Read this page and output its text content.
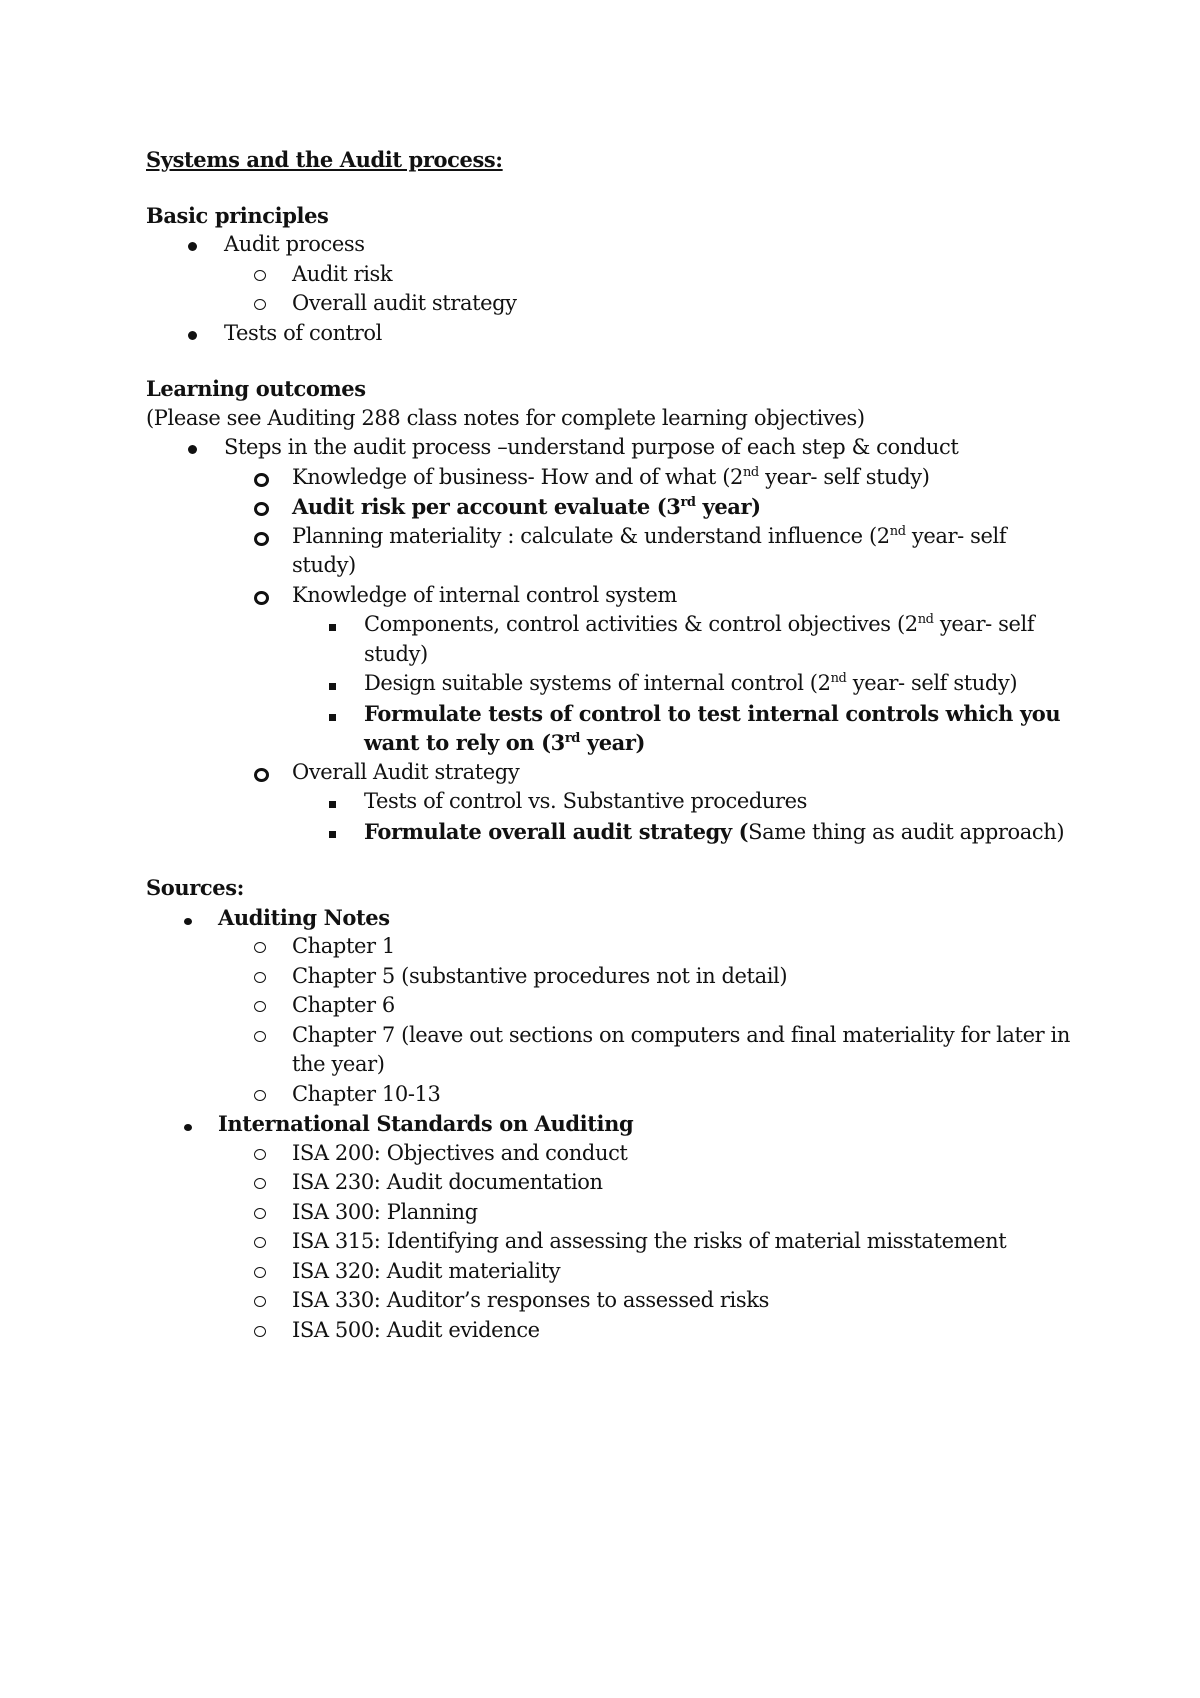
Systems and the Audit process:

Basic principles

Audit process
Audit risk
Overall audit strategy
Tests of control

Learning outcomes

(Please see Auditing 288 class notes for complete learning objectives)

Steps in the audit process –understand purpose of each step & conduct
Knowledge of business- How and of what (2nd year- self study)
Audit risk per account evaluate (3rd year)
Planning materiality : calculate & understand influence (2nd year- self study)
Knowledge of internal control system
Components, control activities & control objectives (2nd year- self study)
Design suitable systems of internal control (2nd year- self study)
Formulate tests of control to test internal controls which you want to rely on (3rd year)
Overall Audit strategy
Tests of control vs. Substantive procedures
Formulate overall audit strategy (Same thing as audit approach)

Sources:

Auditing Notes
Chapter 1
Chapter 5 (substantive procedures not in detail)
Chapter 6
Chapter 7 (leave out sections on computers and final materiality for later in the year)
Chapter 10-13
International Standards on Auditing
ISA 200: Objectives and conduct
ISA 230: Audit documentation
ISA 300: Planning
ISA 315: Identifying and assessing the risks of material misstatement
ISA 320: Audit materiality
ISA 330: Auditor’s responses to assessed risks
ISA 500: Audit evidence
